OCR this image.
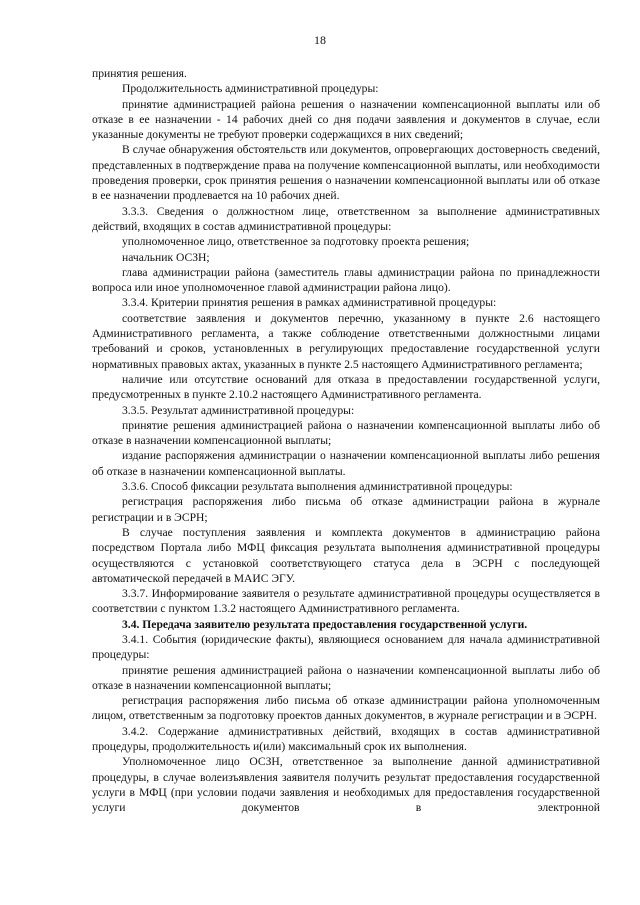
18

принятия решения.

Продолжительность административной процедуры:

принятие администрацией района решения о назначении компенсационной выплаты или об отказе в ее назначении - 14 рабочих дней со дня подачи заявления и документов в случае, если указанные документы не требуют проверки содержащихся в них сведений;

В случае обнаружения обстоятельств или документов, опровергающих достоверность сведений, представленных в подтверждение права на получение компенсационной выплаты, или необходимости проведения проверки, срок принятия решения о назначении компенсационной выплаты или об отказе в ее назначении продлевается на 10 рабочих дней.

3.3.3. Сведения о должностном лице, ответственном за выполнение административных действий, входящих в состав административной процедуры:

уполномоченное лицо, ответственное за подготовку проекта решения;

начальник ОСЗН;

глава администрации района (заместитель главы администрации района по принадлежности вопроса или иное уполномоченное главой администрации района лицо).

3.3.4. Критерии принятия решения в рамках административной процедуры:

соответствие заявления и документов перечню, указанному в пункте 2.6 настоящего Административного регламента, а также соблюдение ответственными должностными лицами требований и сроков, установленных в регулирующих предоставление государственной услуги нормативных правовых актах, указанных в пункте 2.5 настоящего Административного регламента;

наличие или отсутствие оснований для отказа в предоставлении государственной услуги, предусмотренных в пункте 2.10.2 настоящего Административного регламента.

3.3.5. Результат административной процедуры:

принятие решения администрацией района о назначении компенсационной выплаты либо об отказе в назначении компенсационной выплаты;

издание распоряжения администрации о назначении компенсационной выплаты либо решения об отказе в назначении компенсационной выплаты.

3.3.6. Способ фиксации результата выполнения административной процедуры:

регистрация распоряжения либо письма об отказе администрации района в журнале регистрации и в ЭСРН;

В случае поступления заявления и комплекта документов в администрацию района посредством Портала либо МФЦ фиксация результата выполнения административной процедуры осуществляются с установкой соответствующего статуса дела в ЭСРН с последующей автоматической передачей в МАИС ЭГУ.

3.3.7. Информирование заявителя о результате административной процедуры осуществляется в соответствии с пунктом 1.3.2 настоящего Административного регламента.

3.4. Передача заявителю результата предоставления государственной услуги.

3.4.1. События (юридические факты), являющиеся основанием для начала административной процедуры:

принятие решения администрацией района о назначении компенсационной выплаты либо об отказе в назначении компенсационной выплаты;

регистрация распоряжения либо письма об отказе администрации района уполномоченным лицом, ответственным за подготовку проектов данных документов, в журнале регистрации и в ЭСРН.

3.4.2. Содержание административных действий, входящих в состав административной процедуры, продолжительность и(или) максимальный срок их выполнения.

Уполномоченное лицо ОСЗН, ответственное за выполнение данной административной процедуры, в случае волеизъявления заявителя получить результат предоставления государственной услуги в МФЦ (при условии подачи заявления и необходимых для предоставления государственной услуги документов в электронной
